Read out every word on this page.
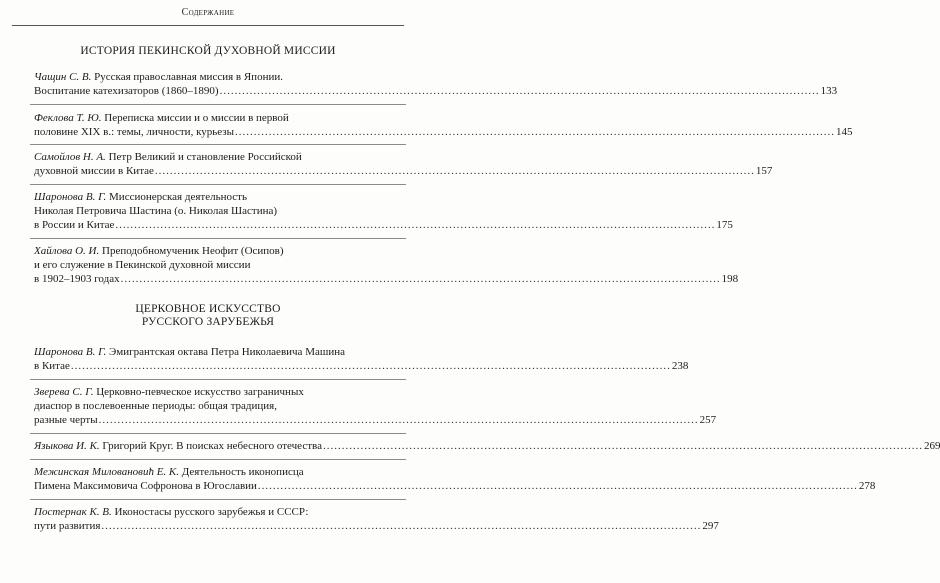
Содержание
ИСТОРИЯ ПЕКИНСКОЙ ДУХОВНОЙ МИССИИ
Чащин С. В. Русская православная миссия в Японии.
Воспитание катехизаторов (1860–1890) .....	133
Феклова Т. Ю. Переписка миссии и о миссии в первой
половине XIX в.: темы, личности, курьезы .....	145
Самойлов Н. А. Петр Великий и становление Российской
духовной миссии в Китае .....	157
Шаронова В. Г. Миссионерская деятельность
Николая Петровича Шастина (о. Николая Шастина)
в России и Китае .....	175
Хайлова О. И. Преподобномученик Неофит (Осипов)
и его служение в Пекинской духовной миссии
в 1902–1903 годах .....	198
ЦЕРКОВНОЕ ИСКУССТВО
РУССКОГО ЗАРУБЕЖЬЯ
Шаронова В. Г. Эмигрантская октава Петра Николаевича Машина
в Китае .....	238
Зверева С. Г. Церковно-певческое искусство заграничных
диаспор в послевоенные периоды: общая традиция,
разные черты .....	257
Языкова И. К. Григорий Круг. В поисках небесного отечества .....	269
Межинская Миловановић Е. К. Деятельность иконописца
Пимена Максимовича Софронова в Югославии .....	278
Постернак К. В. Иконостасы русского зарубежья и СССР:
пути развития .....	297
